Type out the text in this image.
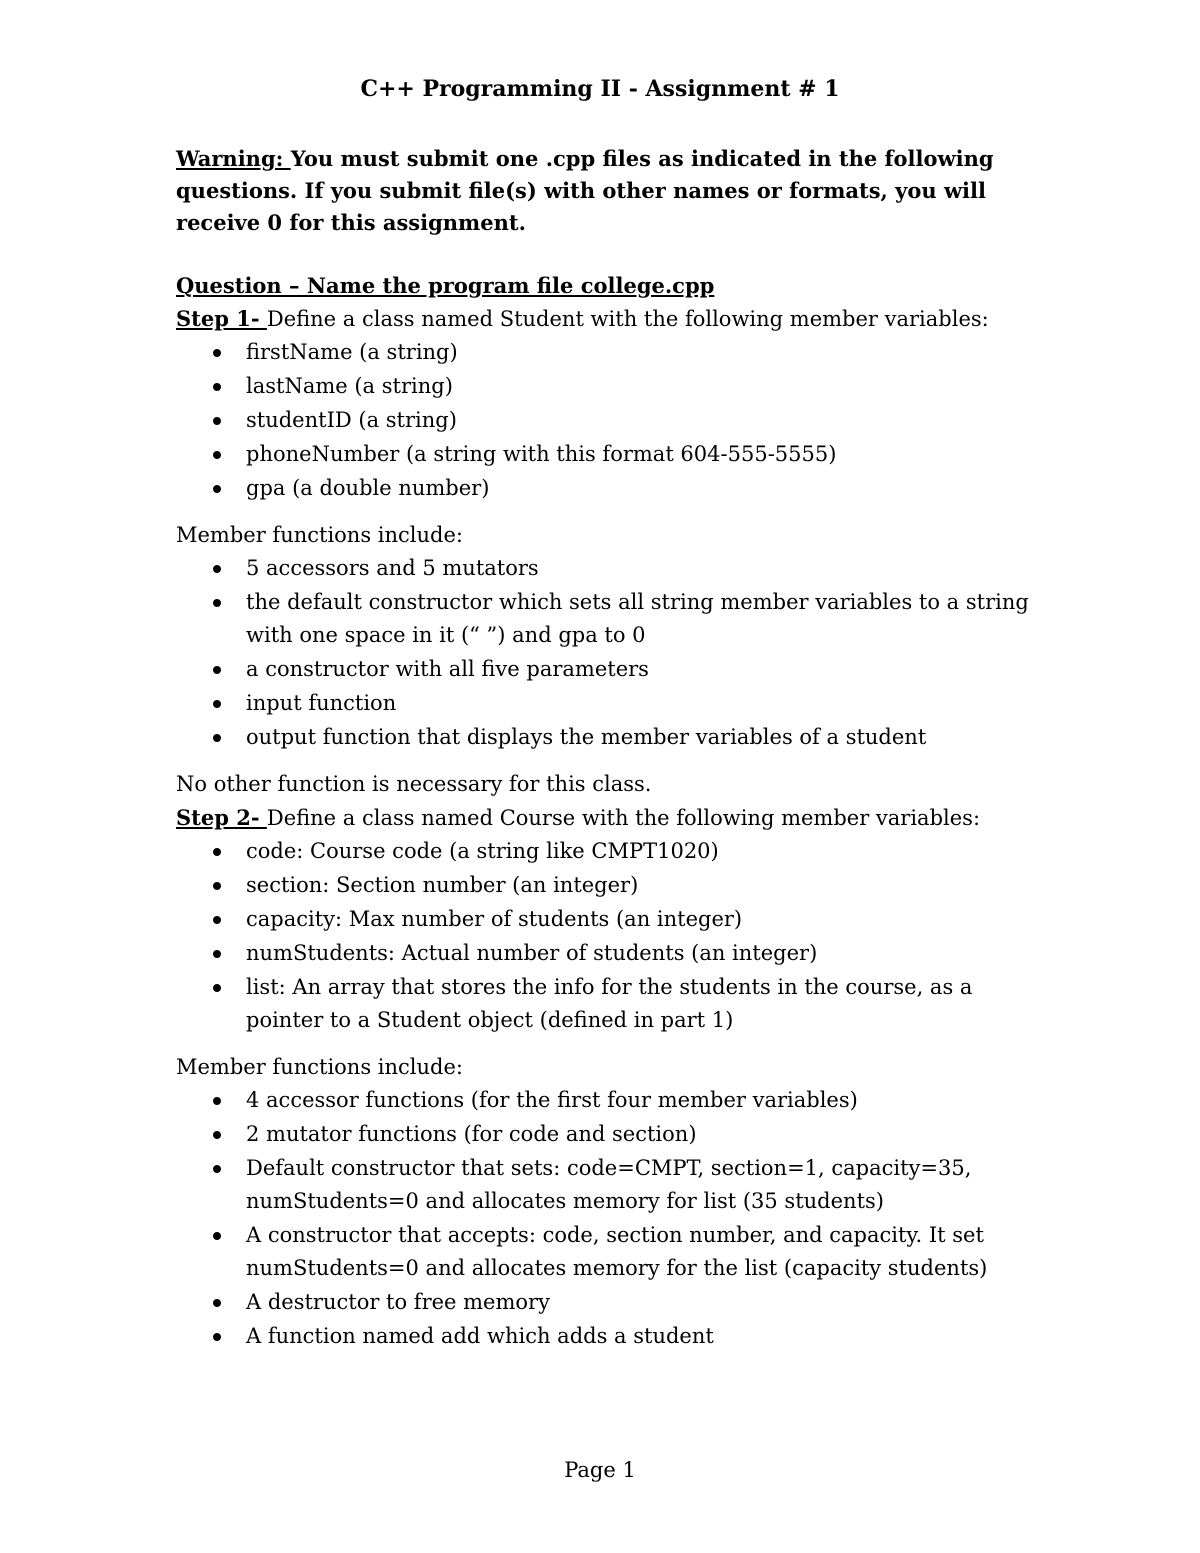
C++ Programming II - Assignment # 1

Warning: You must submit one .cpp files as indicated in the following questions. If you submit file(s) with other names or formats, you will receive 0 for this assignment.

Question – Name the program file college.cpp

Step 1- Define a class named Student with the following member variables:

firstName (a string)
lastName (a string)
studentID (a string)
phoneNumber (a string with this format 604-555-5555)
gpa (a double number)

Member functions include:

5 accessors and 5 mutators
the default constructor which sets all string member variables to a string with one space in it (“ ”) and gpa to 0
a constructor with all five parameters
input function
output function that displays the member variables of a student

No other function is necessary for this class.

Step 2- Define a class named Course with the following member variables:

code: Course code (a string like CMPT1020)
section: Section number (an integer)
capacity: Max number of students (an integer)
numStudents: Actual number of students (an integer)
list: An array that stores the info for the students in the course, as a pointer to a Student object (defined in part 1)

Member functions include:

4 accessor functions (for the first four member variables)
2 mutator functions (for code and section)
Default constructor that sets: code=CMPT, section=1, capacity=35, numStudents=0 and allocates memory for list (35 students)
A constructor that accepts: code, section number, and capacity. It set numStudents=0 and allocates memory for the list (capacity students)
A destructor to free memory
A function named add which adds a student
Page 1
